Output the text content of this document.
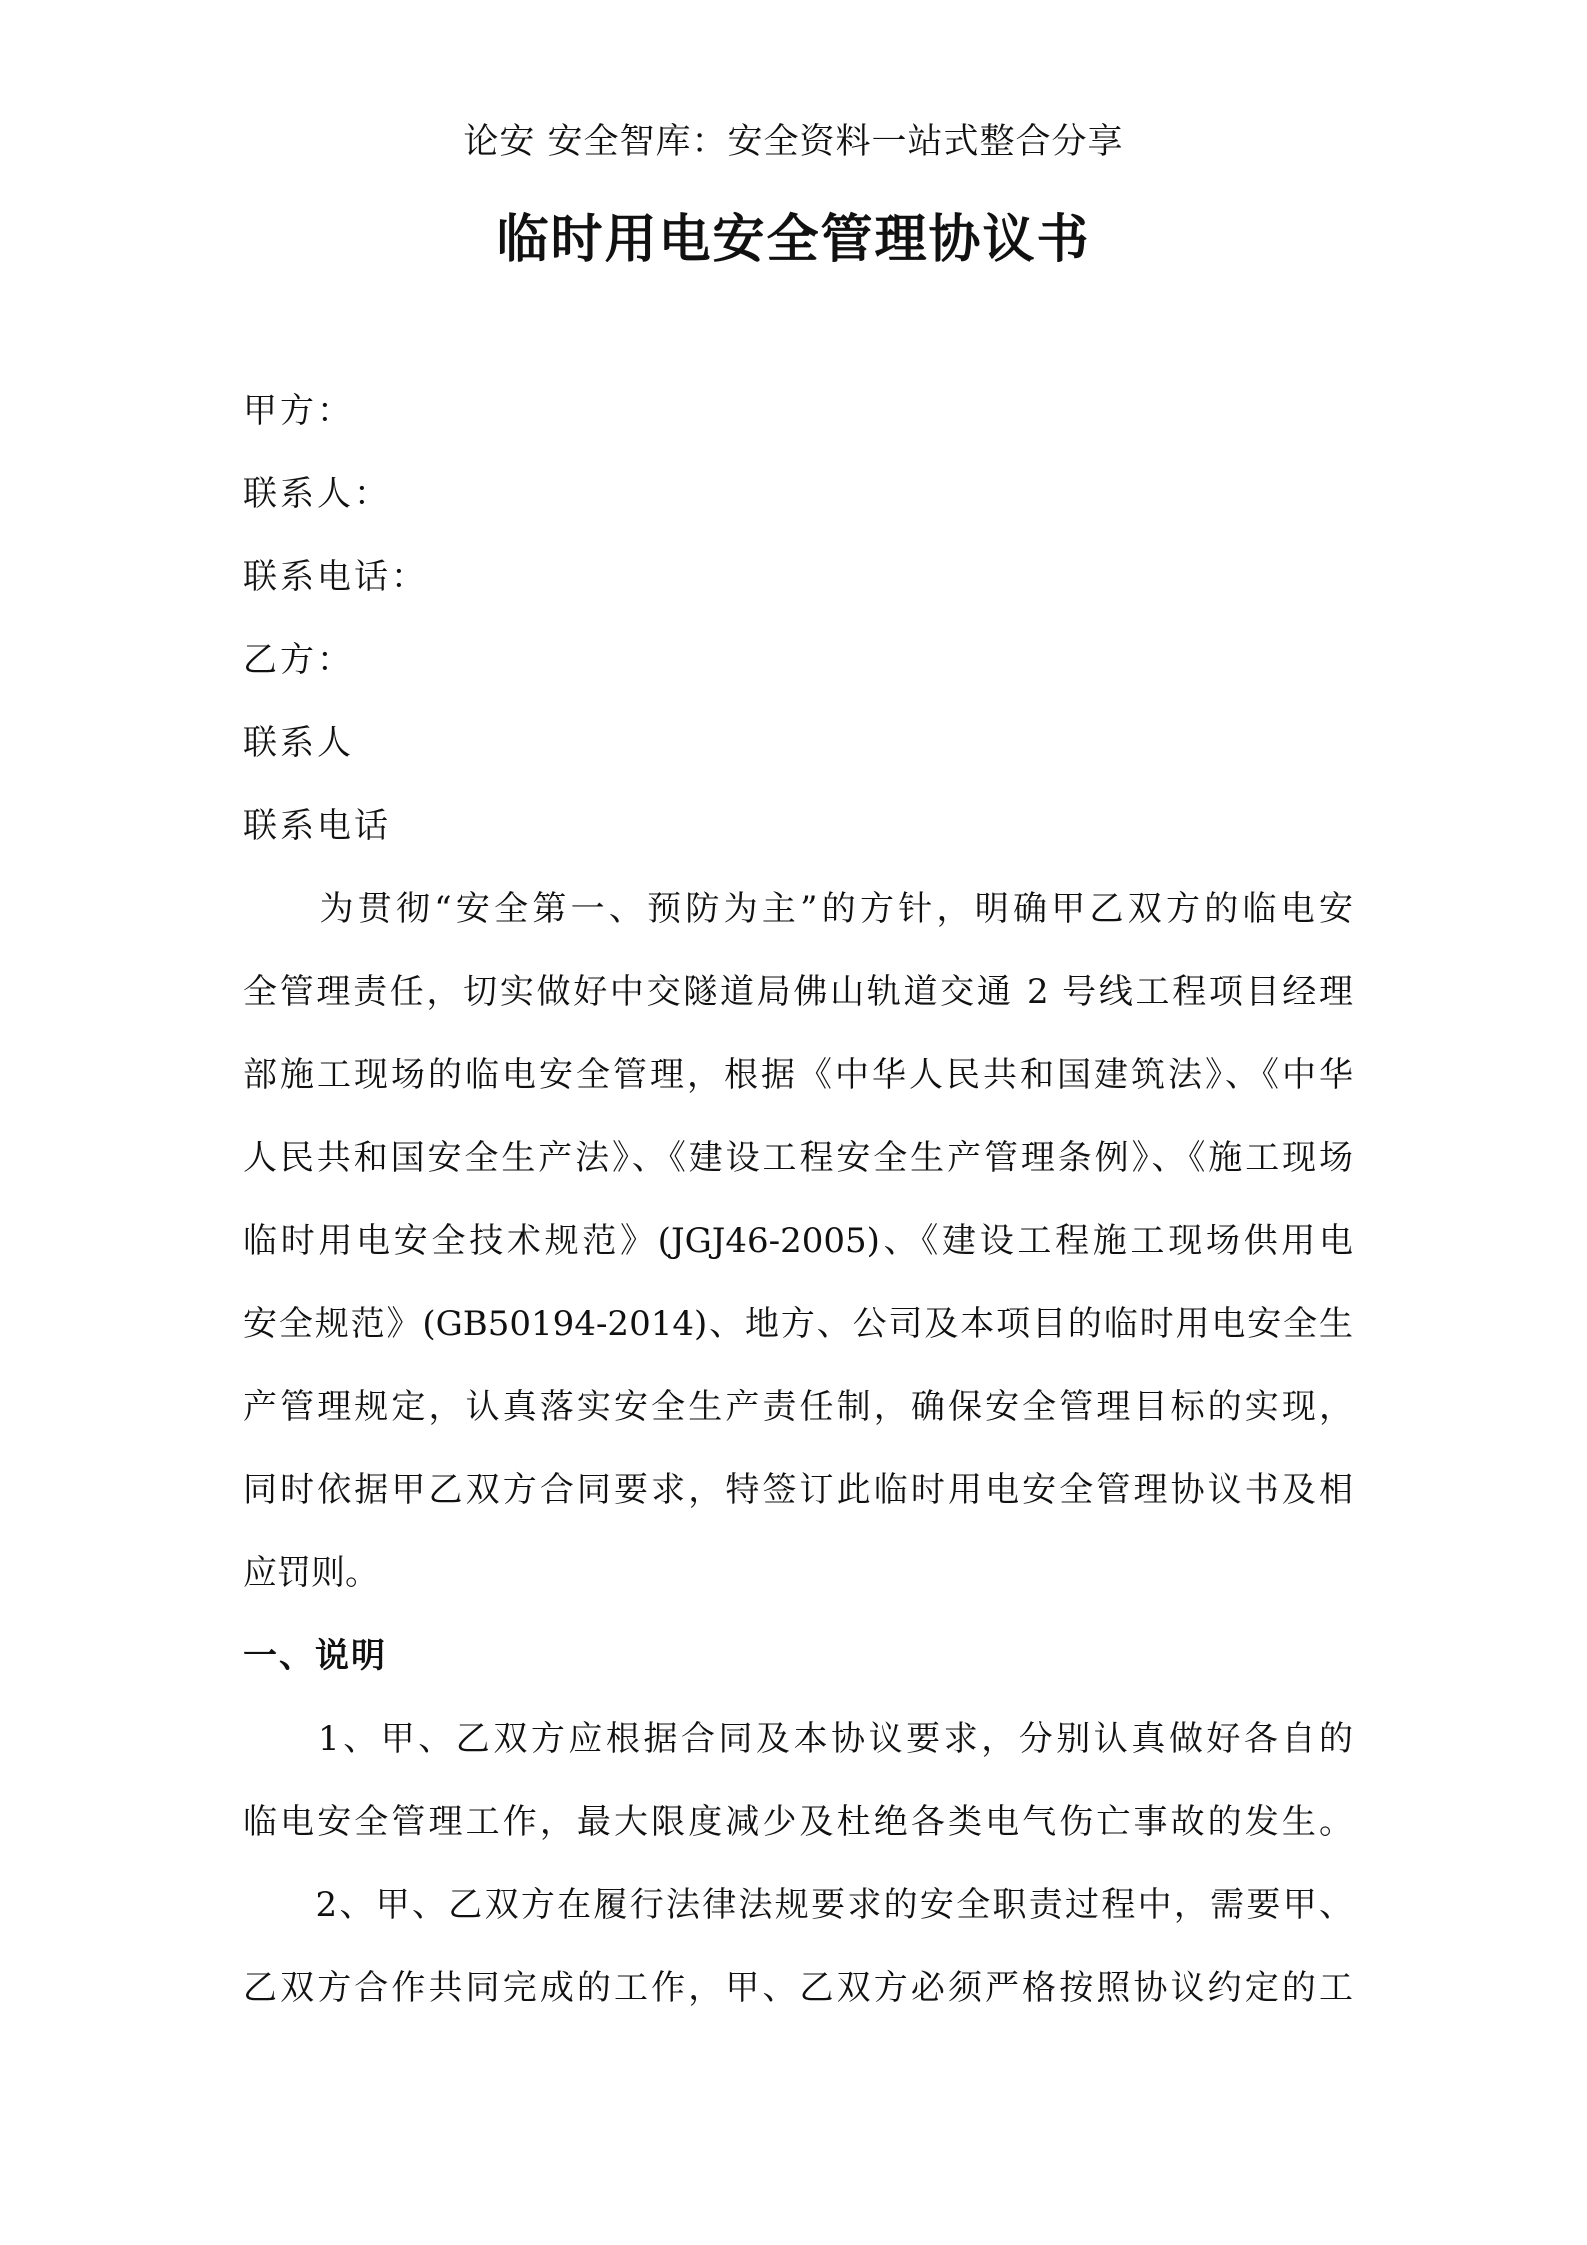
论安 安全智库：安全资料一站式整合分享
临时用电安全管理协议书
甲方：
联系人：
联系电话：
乙方：
联系人
联系电话
　　为贯彻“安全第一、预防为主”的方针，明确甲乙双方的临电安
全管理责任，切实做好中交隧道局佛山轨道交通 2 号线工程项目经理
部施工现场的临电安全管理，根据《中华人民共和国建筑法》、《中华
人民共和国安全生产法》、《建设工程安全生产管理条例》、《施工现场
临时用电安全技术规范》(JGJ46-2005)、《建设工程施工现场供用电
安全规范》(GB50194-2014)、地方、公司及本项目的临时用电安全生
产管理规定，认真落实安全生产责任制，确保安全管理目标的实现，
同时依据甲乙双方合同要求，特签订此临时用电安全管理协议书及相
应罚则。
一、说明
　　1、甲、乙双方应根据合同及本协议要求，分别认真做好各自的
临电安全管理工作，最大限度减少及杜绝各类电气伤亡事故的发生。
　　2、甲、乙双方在履行法律法规要求的安全职责过程中，需要甲、
乙双方合作共同完成的工作，甲、乙双方必须严格按照协议约定的工
